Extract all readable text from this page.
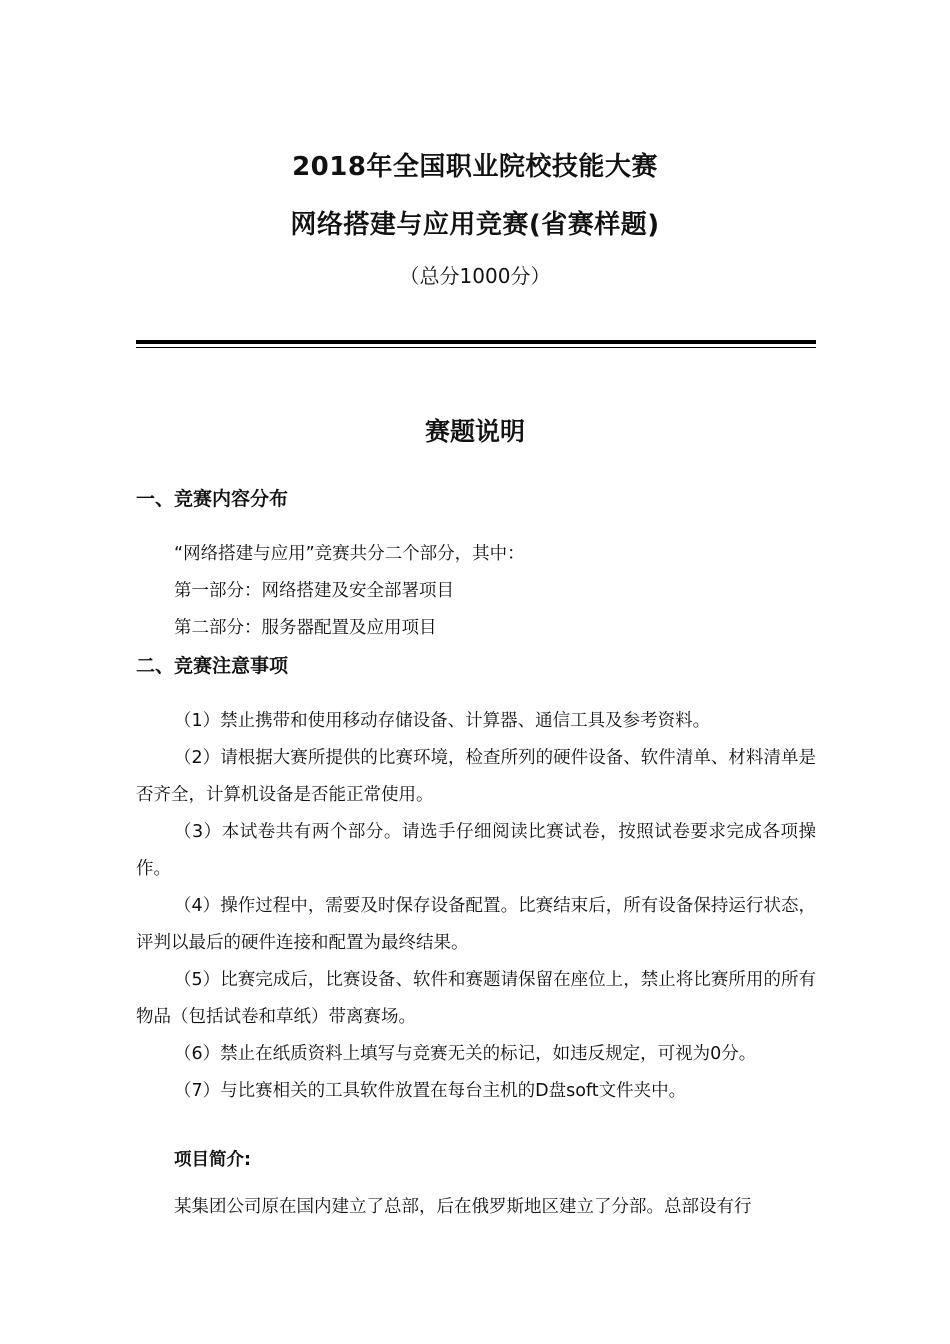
2018年全国职业院校技能大赛
网络搭建与应用竞赛(省赛样题)
（总分1000分）
赛题说明
一、竞赛内容分布
“网络搭建与应用”竞赛共分二个部分，其中：
第一部分：网络搭建及安全部署项目
第二部分：服务器配置及应用项目
二、竞赛注意事项

（1）禁止携带和使用移动存储设备、计算器、通信工具及参考资料。

（2）请根据大赛所提供的比赛环境，检查所列的硬件设备、软件清单、材料清单是否齐全，计算机设备是否能正常使用。

（3）本试卷共有两个部分。请选手仔细阅读比赛试卷，按照试卷要求完成各项操作。

（4）操作过程中，需要及时保存设备配置。比赛结束后，所有设备保持运行状态，评判以最后的硬件连接和配置为最终结果。

（5）比赛完成后，比赛设备、软件和赛题请保留在座位上，禁止将比赛所用的所有物品（包括试卷和草纸）带离赛场。

（6）禁止在纸质资料上填写与竞赛无关的标记，如违反规定，可视为0分。

（7）与比赛相关的工具软件放置在每台主机的D盘soft文件夹中。

项目简介:
某集团公司原在国内建立了总部，后在俄罗斯地区建立了分部。总部设有行
